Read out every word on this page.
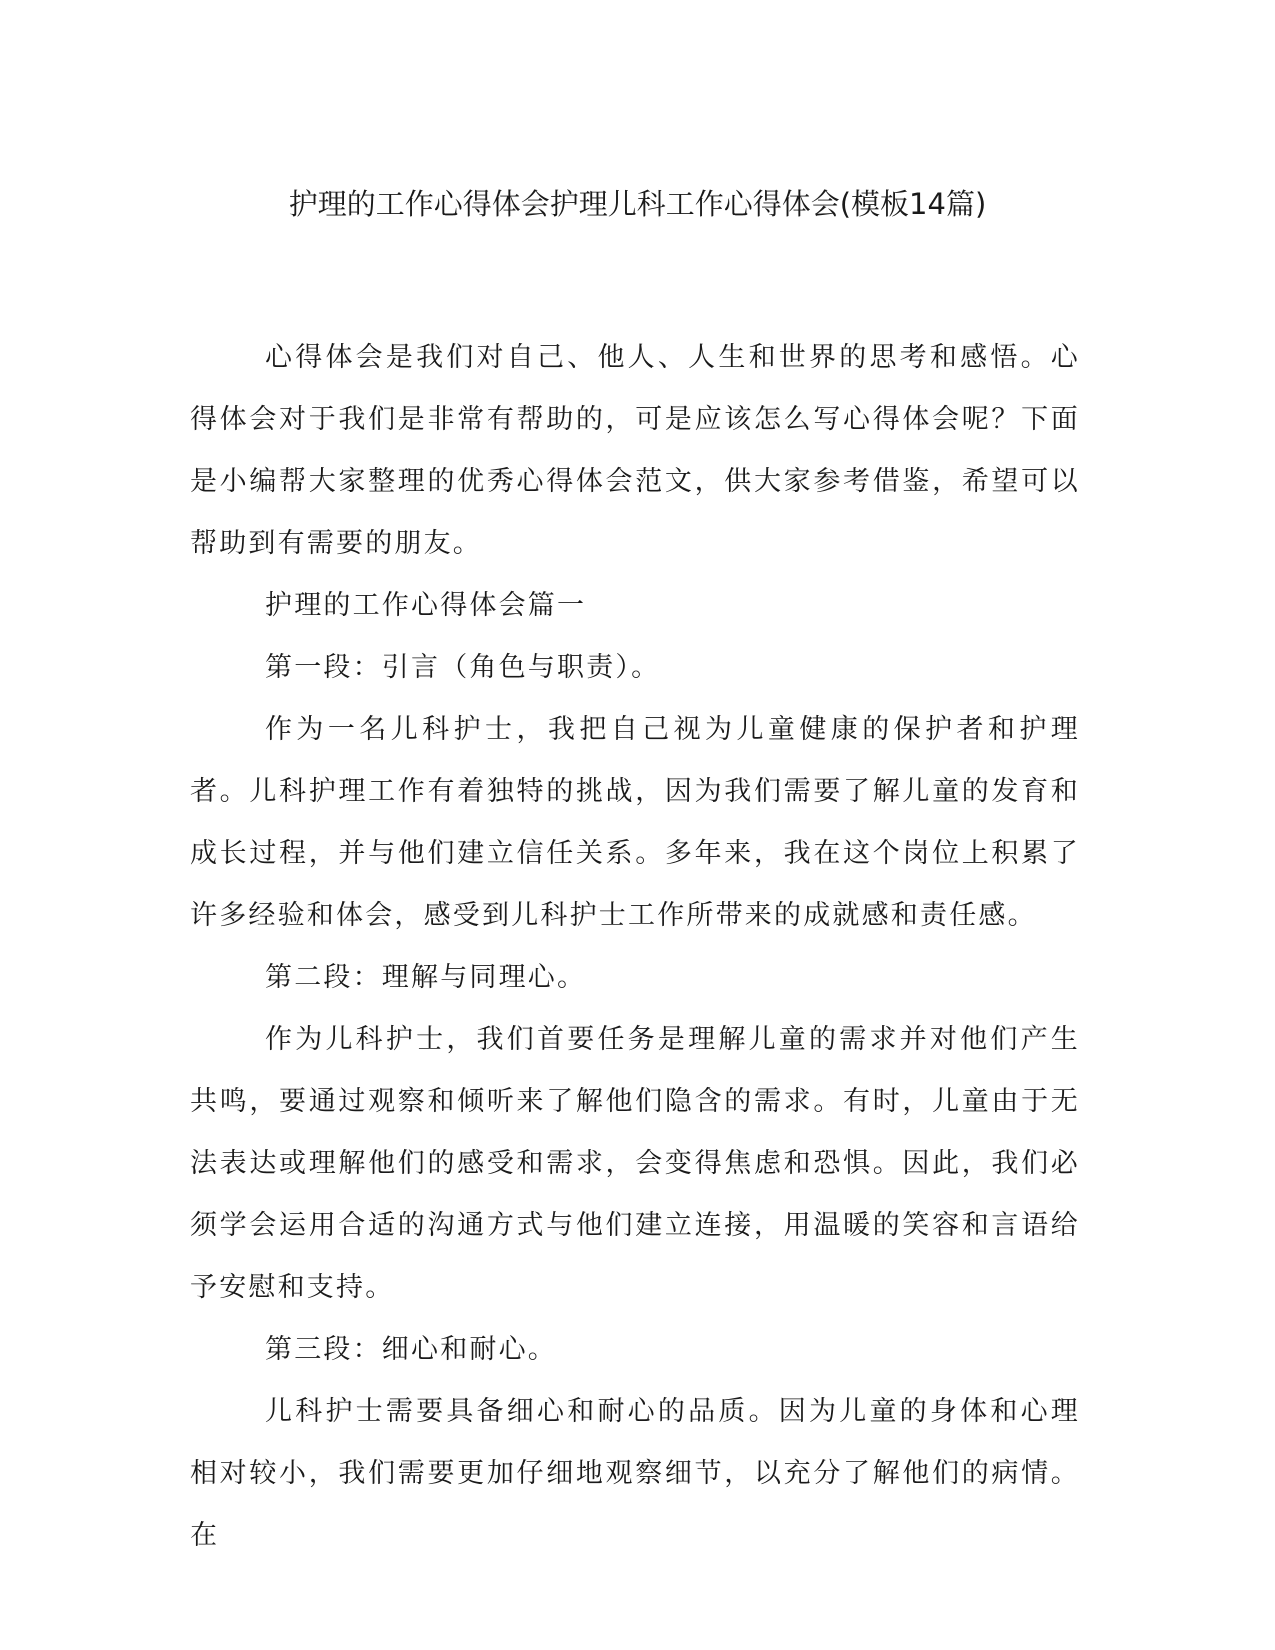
护理的工作心得体会护理儿科工作心得体会(模板14篇)

心得体会是我们对自己、他人、人生和世界的思考和感悟。心得体会对于我们是非常有帮助的，可是应该怎么写心得体会呢？下面是小编帮大家整理的优秀心得体会范文，供大家参考借鉴，希望可以帮助到有需要的朋友。

护理的工作心得体会篇一

第一段：引言（角色与职责）。

作为一名儿科护士，我把自己视为儿童健康的保护者和护理者。儿科护理工作有着独特的挑战，因为我们需要了解儿童的发育和成长过程，并与他们建立信任关系。多年来，我在这个岗位上积累了许多经验和体会，感受到儿科护士工作所带来的成就感和责任感。

第二段：理解与同理心。

作为儿科护士，我们首要任务是理解儿童的需求并对他们产生共鸣，要通过观察和倾听来了解他们隐含的需求。有时，儿童由于无法表达或理解他们的感受和需求，会变得焦虑和恐惧。因此，我们必须学会运用合适的沟通方式与他们建立连接，用温暖的笑容和言语给予安慰和支持。

第三段：细心和耐心。

儿科护士需要具备细心和耐心的品质。因为儿童的身体和心理相对较小，我们需要更加仔细地观察细节，以充分了解他们的病情。在
